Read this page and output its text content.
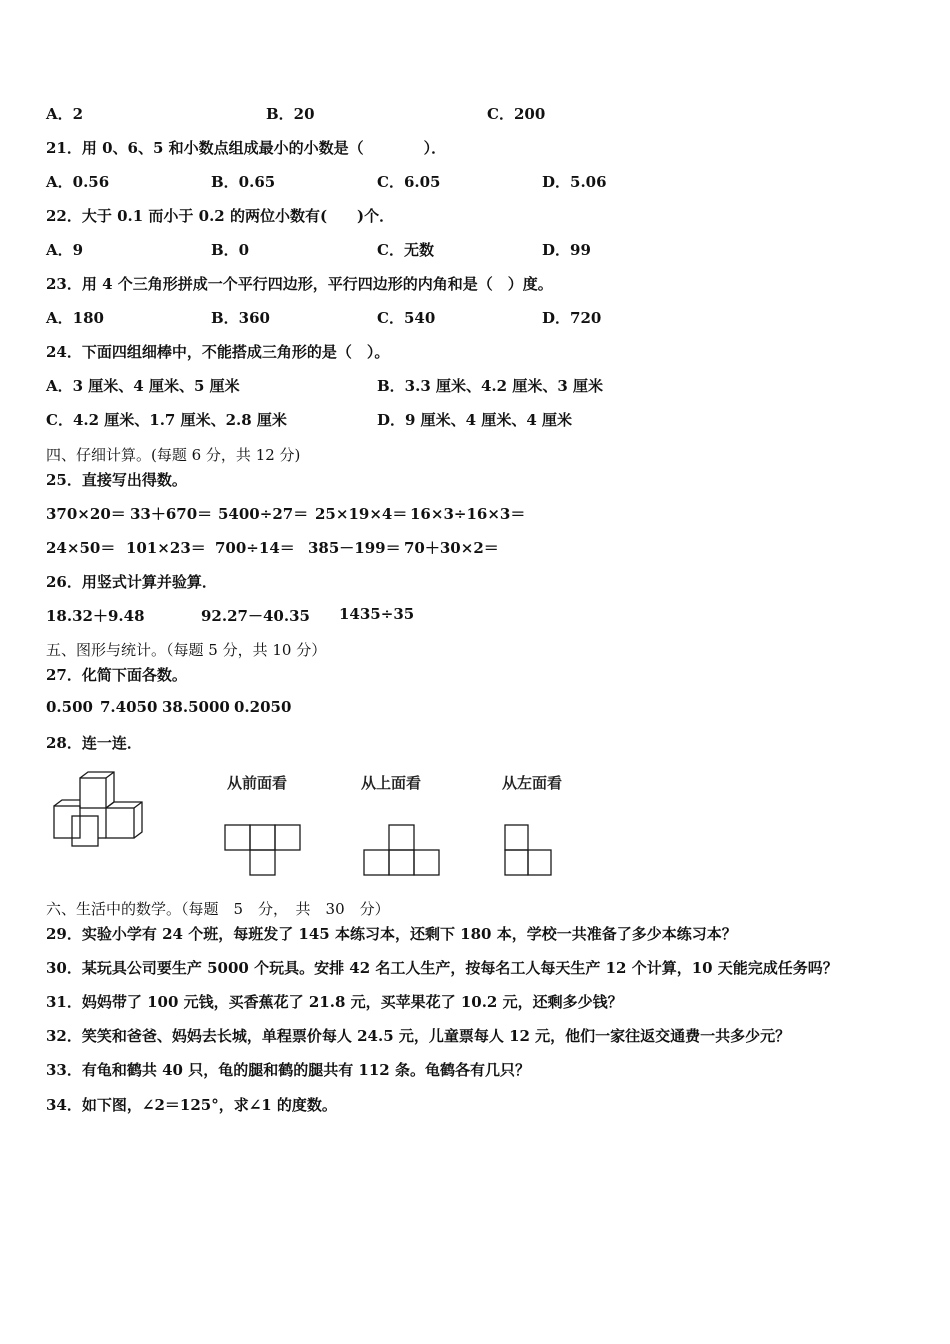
A．2	B．20	C．200
21．用 0、6、5 和小数点组成最小的小数是（　　　　）．
A．0.56	B．0.65	C．6.05	D．5.06
22．大于 0.1 而小于 0.2 的两位小数有(　　)个．
A．9	B．0	C．无数	D．99
23．用 4 个三角形拼成一个平行四边形，平行四边形的内角和是（　）度。
A．180	B．360	C．540	D．720
24．下面四组细棒中，不能搭成三角形的是（　）。
A．3 厘米、4 厘米、5 厘米	B．3.3 厘米、4.2 厘米、3 厘米
C．4.2 厘米、1.7 厘米、2.8 厘米	D．9 厘米、4 厘米、4 厘米
四、仔细计算。(每题 6 分，共 12 分)
25．直接写出得数。
370×20＝ 33＋670＝ 5400÷27＝ 25×19×4＝ 16×3÷16×3＝
24×50＝ 101×23＝ 700÷14＝ 385－199＝ 70＋30×2＝
26．用竖式计算并验算．
18.32＋9.48	92.27－40.35 1435÷35
五、图形与统计。（每题 5 分，共 10 分）
27．化简下面各数。
0.500 7.4050 38.5000 0.2050
28．连一连．
从前面看	从上面看	从左面看
六、生活中的数学。（每题　5　分，　共　30　分）
29．实验小学有 24 个班，每班发了 145 本练习本，还剩下 180 本，学校一共准备了多少本练习本？
30．某玩具公司要生产 5000 个玩具。安排 42 名工人生产，按每名工人每天生产 12 个计算，10 天能完成任务吗？
31．妈妈带了 100 元钱，买香蕉花了 21.8 元，买苹果花了 10.2 元，还剩多少钱？
32．笑笑和爸爸、妈妈去长城，单程票价每人 24.5 元，儿童票每人 12 元，他们一家往返交通费一共多少元？
33．有龟和鹤共 40 只，龟的腿和鹤的腿共有 112 条。龟鹤各有几只？
34．如下图，∠2＝125°，求∠1 的度数。
